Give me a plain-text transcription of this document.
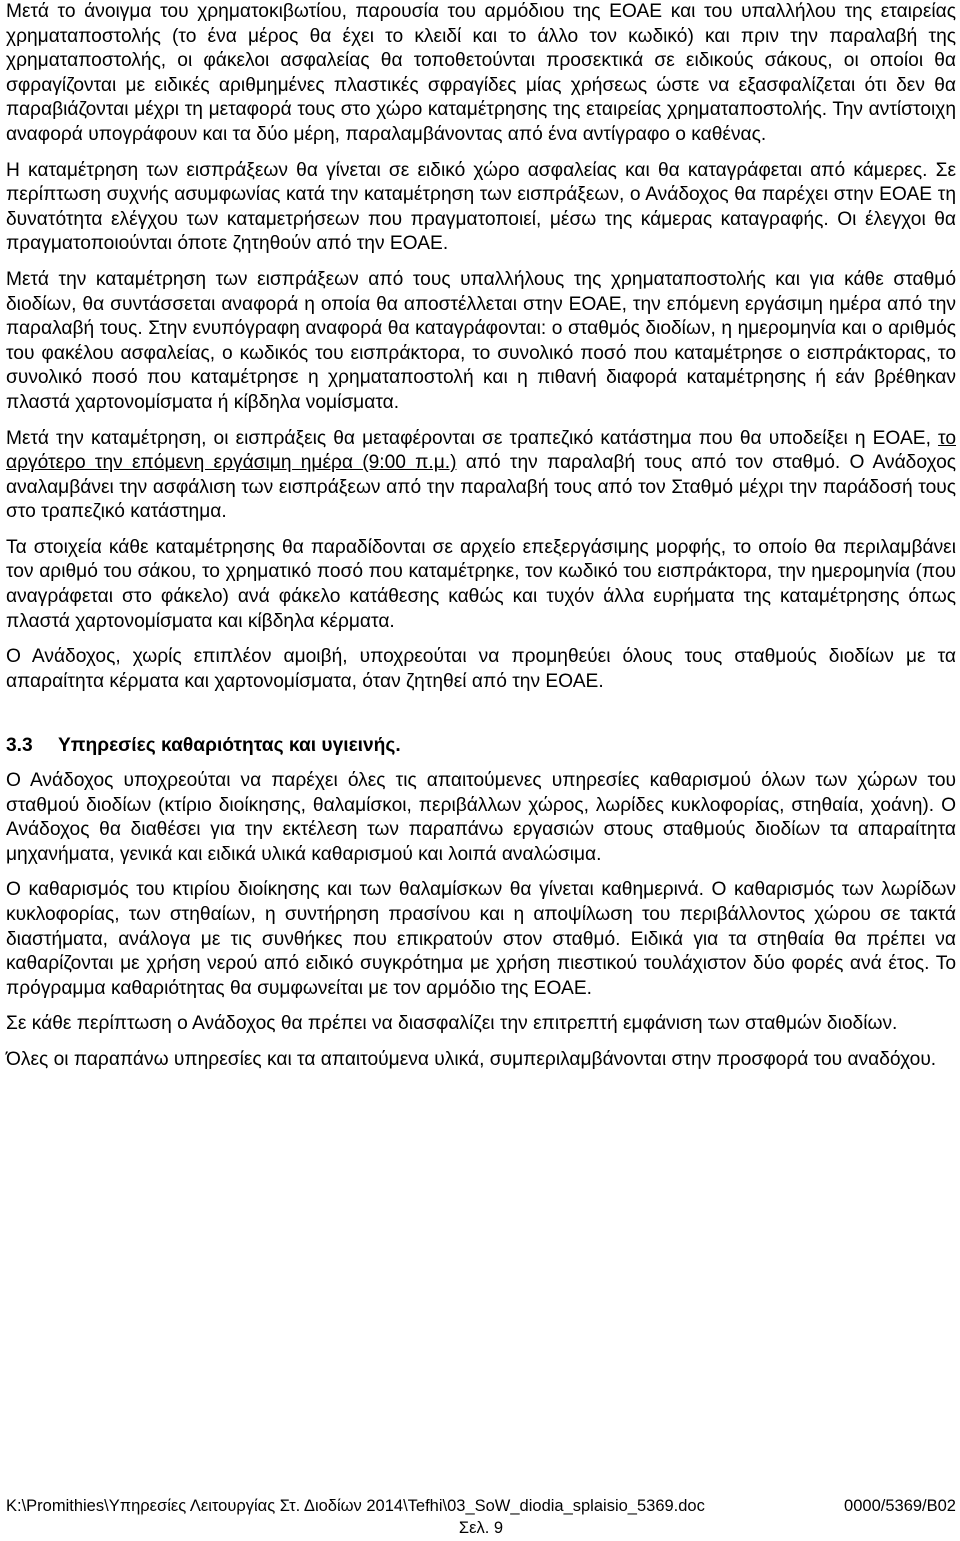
Μετά το άνοιγμα του χρηματοκιβωτίου, παρουσία του αρμόδιου της ΕΟΑΕ και του υπαλλήλου της εταιρείας χρηματαποστολής (το ένα μέρος θα έχει το κλειδί και το άλλο τον κωδικό) και πριν την παραλαβή της χρηματαποστολής, οι φάκελοι ασφαλείας θα τοποθετούνται προσεκτικά σε ειδικούς σάκους, οι οποίοι θα σφραγίζονται με ειδικές αριθμημένες πλαστικές σφραγίδες μίας χρήσεως ώστε να εξασφαλίζεται ότι δεν θα παραβιάζονται μέχρι τη μεταφορά τους στο χώρο καταμέτρησης της εταιρείας χρηματαποστολής. Την αντίστοιχη αναφορά υπογράφουν και τα δύο μέρη, παραλαμβάνοντας από ένα αντίγραφο ο καθένας.

Η καταμέτρηση των εισπράξεων θα γίνεται σε ειδικό χώρο ασφαλείας και θα καταγράφεται από κάμερες. Σε περίπτωση συχνής ασυμφωνίας κατά την καταμέτρηση των εισπράξεων, ο Ανάδοχος θα παρέχει στην ΕΟΑΕ τη δυνατότητα ελέγχου των καταμετρήσεων που πραγματοποιεί, μέσω της κάμερας καταγραφής. Οι έλεγχοι θα πραγματοποιούνται όποτε ζητηθούν από την ΕΟΑΕ.

Μετά την καταμέτρηση των εισπράξεων από τους υπαλλήλους της χρηματαποστολής και για κάθε σταθμό διοδίων, θα συντάσσεται αναφορά η οποία θα αποστέλλεται στην ΕΟΑΕ, την επόμενη εργάσιμη ημέρα από την παραλαβή τους. Στην ενυπόγραφη αναφορά θα καταγράφονται: ο σταθμός διοδίων, η ημερομηνία και ο αριθμός του φακέλου ασφαλείας, ο κωδικός του εισπράκτορα, το συνολικό ποσό που καταμέτρησε ο εισπράκτορας, το συνολικό ποσό που καταμέτρησε η χρηματαποστολή και η πιθανή διαφορά καταμέτρησης ή εάν βρέθηκαν πλαστά χαρτονομίσματα ή κίβδηλα νομίσματα.

Μετά την καταμέτρηση, οι εισπράξεις θα μεταφέρονται σε τραπεζικό κατάστημα που θα υποδείξει η ΕΟΑΕ, το αργότερο την επόμενη εργάσιμη ημέρα (9:00 π.μ.) από την παραλαβή τους από τον σταθμό. Ο Ανάδοχος αναλαμβάνει την ασφάλιση των εισπράξεων από την παραλαβή τους από τον Σταθμό μέχρι την παράδοσή τους στο τραπεζικό κατάστημα.

Τα στοιχεία κάθε καταμέτρησης θα παραδίδονται σε αρχείο επεξεργάσιμης μορφής, το οποίο θα περιλαμβάνει τον αριθμό του σάκου, το χρηματικό ποσό που καταμέτρηκε, τον κωδικό του εισπράκτορα, την ημερομηνία (που αναγράφεται στο φάκελο) ανά φάκελο κατάθεσης καθώς και τυχόν άλλα ευρήματα της καταμέτρησης όπως πλαστά χαρτονομίσματα και κίβδηλα κέρματα.

Ο Ανάδοχος, χωρίς επιπλέον αμοιβή, υποχρεούται να προμηθεύει όλους τους σταθμούς διοδίων με τα απαραίτητα κέρματα και χαρτονομίσματα, όταν ζητηθεί από την ΕΟΑΕ.

3.3	Υπηρεσίες καθαριότητας και υγιεινής.

Ο Ανάδοχος υποχρεούται να παρέχει όλες τις απαιτούμενες υπηρεσίες καθαρισμού όλων των χώρων του σταθμού διοδίων (κτίριο διοίκησης, θαλαμίσκοι, περιβάλλων χώρος, λωρίδες κυκλοφορίας, στηθαία, χοάνη). Ο Ανάδοχος θα διαθέσει για την εκτέλεση των παραπάνω εργασιών στους σταθμούς διοδίων τα απαραίτητα μηχανήματα, γενικά και ειδικά υλικά καθαρισμού και λοιπά αναλώσιμα.

Ο καθαρισμός του κτιρίου διοίκησης και των θαλαμίσκων θα γίνεται καθημερινά. Ο καθαρισμός των λωρίδων κυκλοφορίας, των στηθαίων, η συντήρηση πρασίνου και η αποψίλωση του περιβάλλοντος χώρου σε τακτά διαστήματα, ανάλογα με τις συνθήκες που επικρατούν στον σταθμό. Ειδικά για τα στηθαία θα πρέπει να καθαρίζονται με χρήση νερού από ειδικό συγκρότημα με χρήση πιεστικού τουλάχιστον δύο φορές ανά έτος. Το πρόγραμμα καθαριότητας θα συμφωνείται με τον αρμόδιο της ΕΟΑΕ.

Σε κάθε περίπτωση ο Ανάδοχος θα πρέπει να διασφαλίζει την επιτρεπτή εμφάνιση των σταθμών διοδίων.

Όλες οι παραπάνω υπηρεσίες και τα απαιτούμενα υλικά, συμπεριλαμβάνονται στην προσφορά του αναδόχου.

K:\Promithies\Υπηρεσίες Λειτουργίας Στ. Διοδίων 2014\Tefhi\03_SoW_diodia_splaisio_5369.doc	0000/5369/B02
Σελ. 9
